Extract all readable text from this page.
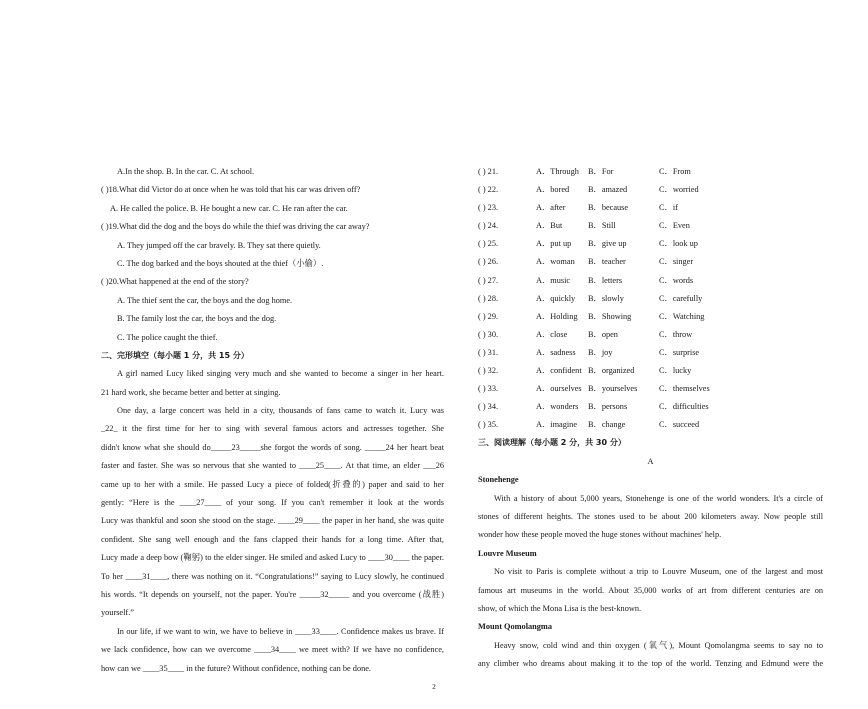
A.In the shop. B. In the car. C. At school.
( )18.What did Victor do at once when he was told that his car was driven off?
A. He called the police. B. He bought a new car. C. He ran after the car.
( )19.What did the dog and the boys do while the thief was driving the car away?
A. They jumped off the car bravely. B. They sat there quietly.
C. The dog barked and the boys shouted at the thief（小偷）.
( )20.What happened at the end of the story?
A. The thief sent the car, the boys and the dog home.
B. The family lost the car, the boys and the dog.
C. The police caught the thief.
二、完形填空（每小题 1 分，共 15 分）
A girl named Lucy liked singing very much and she wanted to become a singer in her heart.
21 hard work, she became better and better at singing.
One day, a large concert was held in a city, thousands of fans came to watch it. Lucy was
_22_ it the first time for her to sing with several famous actors and actresses together. She
didn't know what she should do_____23_____she forgot the words of song. _____24 her heart beat
faster and faster. She was so nervous that she wanted to ____25____. At that time, an elder ___26
came up to her with a smile. He passed Lucy a piece of folded(折叠的) paper and said to her
gently: “Here is the ____27____ of your song. If you can't remember it look at the words
Lucy was thankful and soon she stood on the stage. ____29____ the paper in her hand, she was quite
confident. She sang well enough and the fans clapped their hands for a long time. After that,
Lucy made a deep bow (鞠躬) to the elder singer. He smiled and asked Lucy to ____30____ the paper.
To her ____31____, there was nothing on it. “Congratulations!” saying to Lucy slowly, he continued
his words. “It depends on yourself, not the paper. You're _____32_____ and you overcome (战胜)
yourself.”
In our life, if we want to win, we have to believe in ____33____. Confidence makes us brave. If
we lack confidence, how can we overcome ____34____ we meet with? If we have no confidence,
how can we ____35____ in the future? Without confidence, nothing can be done.
( ) 21.	A．Through	B．For	C．From
( ) 22.	A．bored	B．amazed	C．worried
( ) 23.	A．after	B．because	C．if
( ) 24.	A．But	B．Still	C．Even
( ) 25.	A．put up	B．give up	C．look up
( ) 26.	A．woman	B．teacher	C．singer
( ) 27.	A．music	B．letters	C．words
( ) 28.	A．quickly	B．slowly	C．carefully
( ) 29.	A．Holding	B．Showing	C．Watching
( ) 30.	A．close	B．open	C．throw
( ) 31.	A．sadness	B．joy	C．surprise
( ) 32.	A．confident B．organized	C．lucky
( ) 33.	A．ourselves B．yourselves	C．themselves
( ) 34.	A．wonders	B．persons	C．difficulties
( ) 35.	A．imagine	B．change	C．succeed
三、阅读理解（每小题 2 分，共 30 分）
A
Stonehenge
With a history of about 5,000 years, Stonehenge is one of the world wonders. It's a circle of
stones of different heights. The stones used to be about 200 kilometers away. Now people still
wonder how these people moved the huge stones without machines' help.
Louvre Museum
No visit to Paris is complete without a trip to Louvre Museum, one of the largest and most
famous art museums in the world. About 35,000 works of art from different centuries are on
show, of which the Mona Lisa is the best-known.
Mount Qomolangma
Heavy snow, cold wind and thin oxygen (氧气), Mount Qomolangma seems to say no to
any climber who dreams about making it to the top of the world. Tenzing and Edmund were the
2
